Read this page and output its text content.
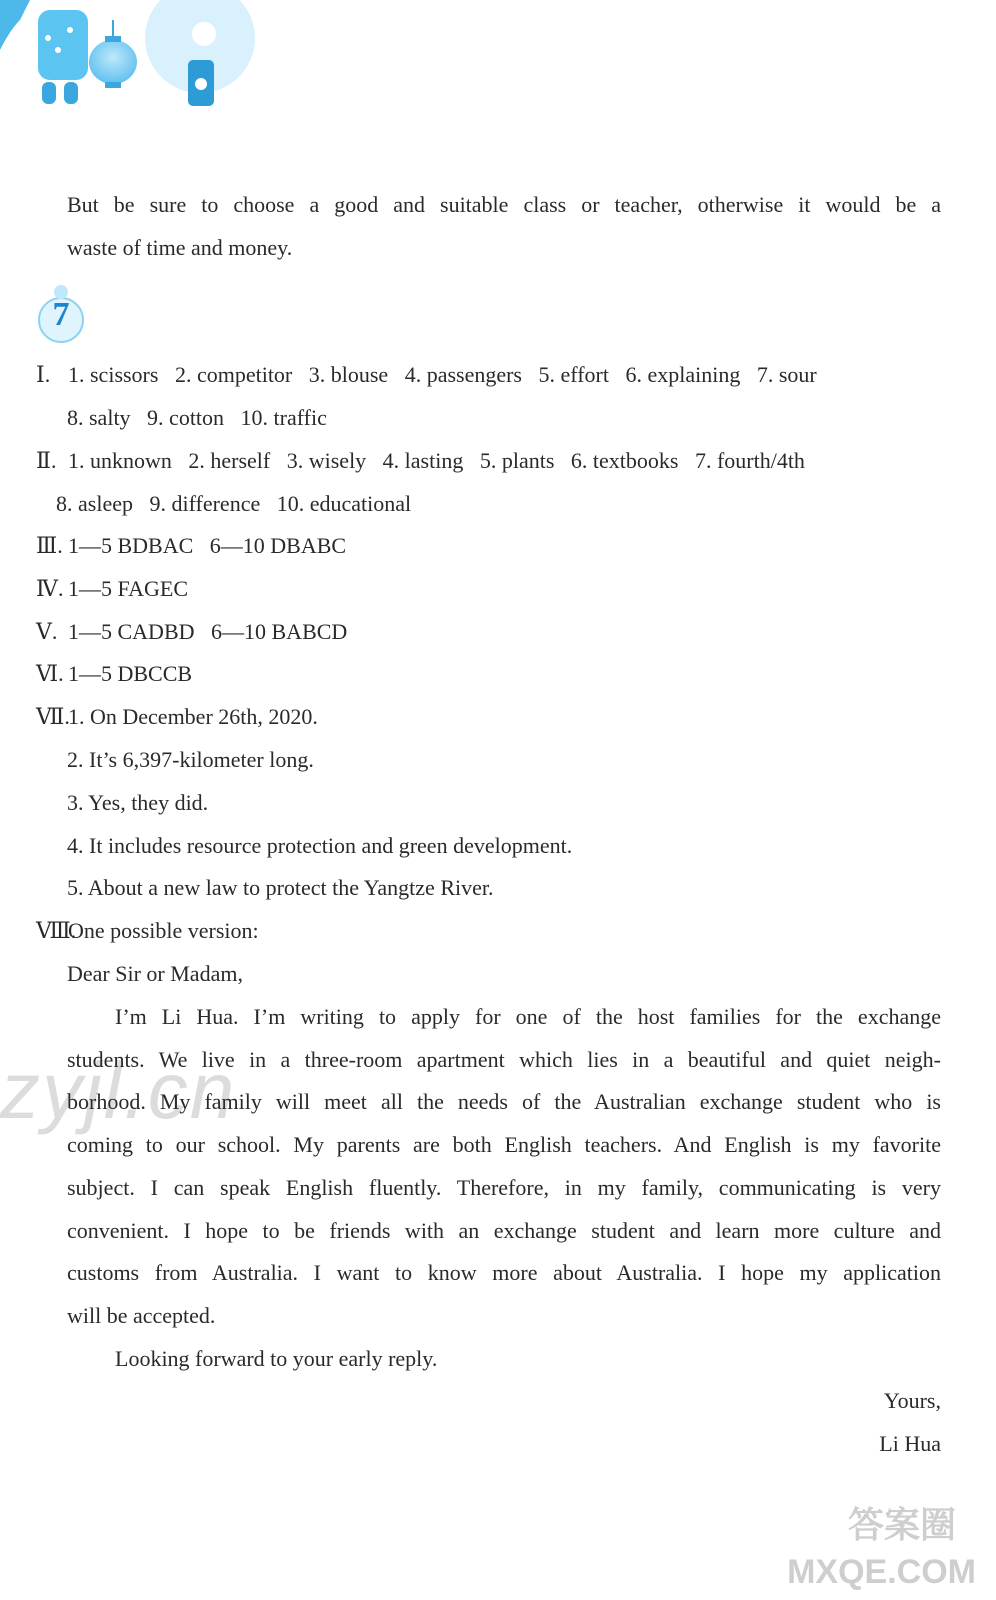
But be sure to choose a good and suitable class or teacher, otherwise it would be a
waste of time and money.
7
Ⅰ. 1. scissors   2. competitor   3. blouse   4. passengers   5. effort   6. explaining   7. sour
8. salty   9. cotton   10. traffic
Ⅱ. 1. unknown   2. herself   3. wisely   4. lasting   5. plants   6. textbooks   7. fourth/4th
8. asleep   9. difference   10. educational
Ⅲ. 1—5 BDBAC   6—10 DBABC
Ⅳ. 1—5 FAGEC
Ⅴ. 1—5 CADBD   6—10 BABCD
Ⅵ. 1—5 DBCCB
Ⅶ.1. On December 26th, 2020.
2. It’s 6,397-kilometer long.
3. Yes, they did.
4. It includes resource protection and green development.
5. About a new law to protect the Yangtze River.
Ⅷ.One possible version:
Dear Sir or Madam,
I’m Li Hua. I’m writing to apply for one of the host families for the exchange
students. We live in a three-room apartment which lies in a beautiful and quiet neigh-
borhood. My family will meet all the needs of the Australian exchange student who is
coming to our school. My parents are both English teachers. And English is my favorite
subject. I can speak English fluently. Therefore, in my family, communicating is very
convenient. I hope to be friends with an exchange student and learn more culture and
customs from Australia. I want to know more about Australia. I hope my application
will be accepted.
Looking forward to your early reply.
Yours,
Li Hua
zyjl.cn
答案圈
MXQE.COM
